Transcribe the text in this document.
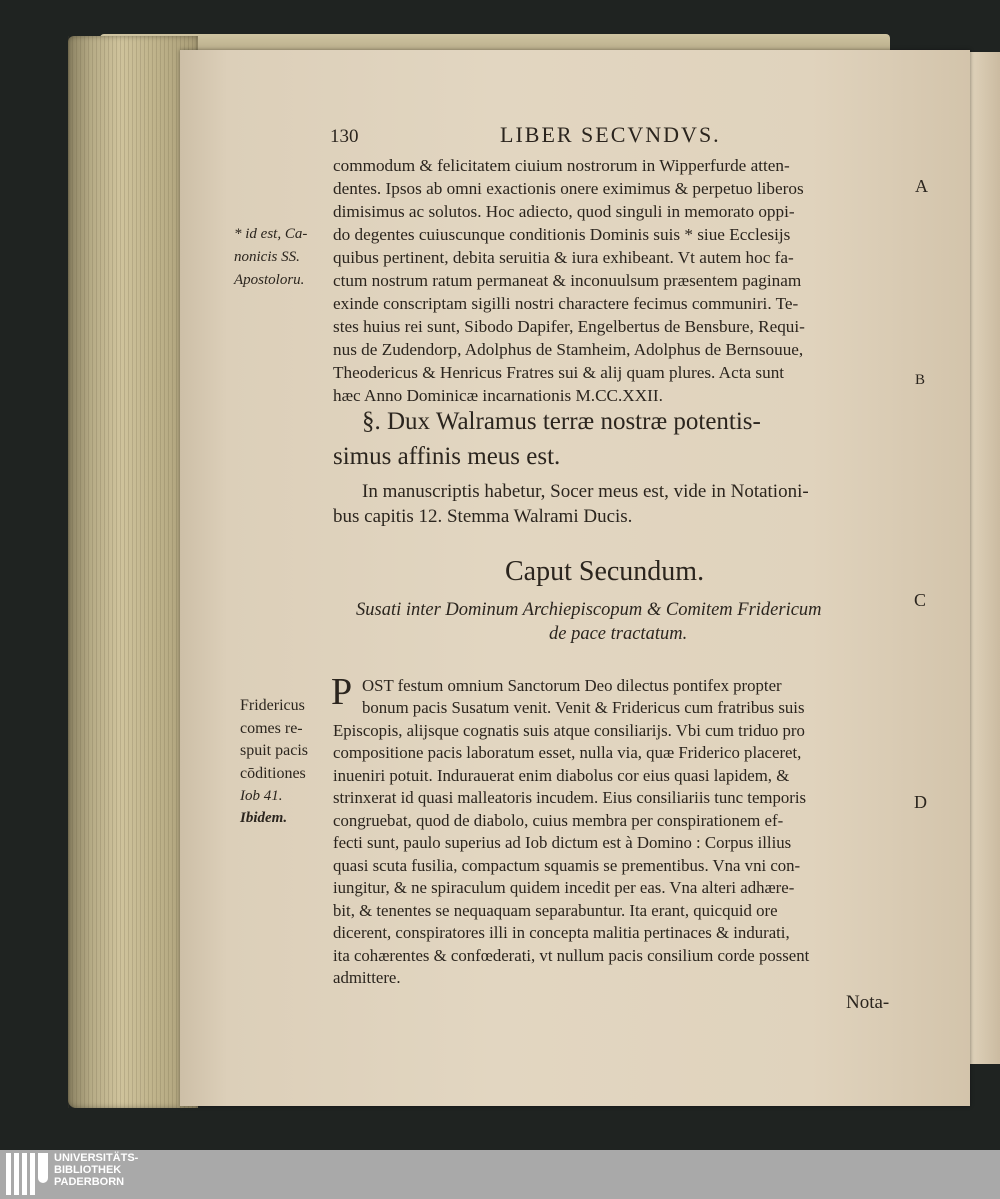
130	LIBER SECVNDVS.
commodum & felicitatem ciuium nostrorum in Wipperfurde atten-
dentes. Ipsos ab omni exactionis onere eximimus & perpetuo liberos
dimisimus ac solutos. Hoc adiecto, quod singuli in memorato oppi-
do degentes cuiuscunque conditionis Dominis suis * siue Ecclesijs
quibus pertinent, debita seruitia & iura exhibeant. Vt autem hoc fa-
ctum nostrum ratum permaneat & inconuulsum præsentem paginam
exinde conscriptam sigilli nostri charactere fecimus communiri. Te-
stes huius rei sunt, Sibodo Dapifer, Engelbertus de Bensbure, Requi-
nus de Zudendorp, Adolphus de Stamheim, Adolphus de Bernsouue,
Theodericus & Henricus Fratres sui & alij quam plures. Acta sunt
hæc Anno Dominicæ incarnationis M.CC.XXII.
§. Dux Walramus terræ nostræ potentis-
simus affinis meus est.
In manuscriptis habetur, Socer meus est, vide in Notationi-
bus capitis 12. Stemma Walrami Ducis.
Caput Secundum.
Susati inter Dominum Archiepiscopum & Comitem Fridericum
de pace tractatum.
P OST festum omnium Sanctorum Deo dilectus pontifex propter
bonum pacis Susatum venit. Venit & Fridericus cum fratribus suis
Episcopis, alijsque cognatis suis atque consiliarijs. Vbi cum triduo pro
compositione pacis laboratum esset, nulla via, quæ Friderico placeret,
inueniri potuit. Indurauerat enim diabolus cor eius quasi lapidem, &
strinxerat id quasi malleatoris incudem. Eius consiliariis tunc temporis
congruebat, quod de diabolo, cuius membra per conspirationem ef-
fecti sunt, paulo superius ad Iob dictum est à Domino : Corpus illius
quasi scuta fusilia, compactum squamis se prementibus. Vna vni con-
iungitur, & ne spiraculum quidem incedit per eas. Vna alteri adhære-
bit, & tenentes se nequaquam separabuntur. Ita erant, quicquid ore
dicerent, conspiratores illi in concepta malitia pertinaces & indurati,
ita cohærentes & confœderati, vt nullum pacis consilium corde possent
admittere.
Nota-
* id est, Ca-
nonicis SS.
Apostoloru.
Fridericus
comes re-
spuit pacis
cōditiones
Iob 41.
Ibidem.
A
B
C
D
UNIVERSITÄTS-
BIBLIOTHEK
PADERBORN
